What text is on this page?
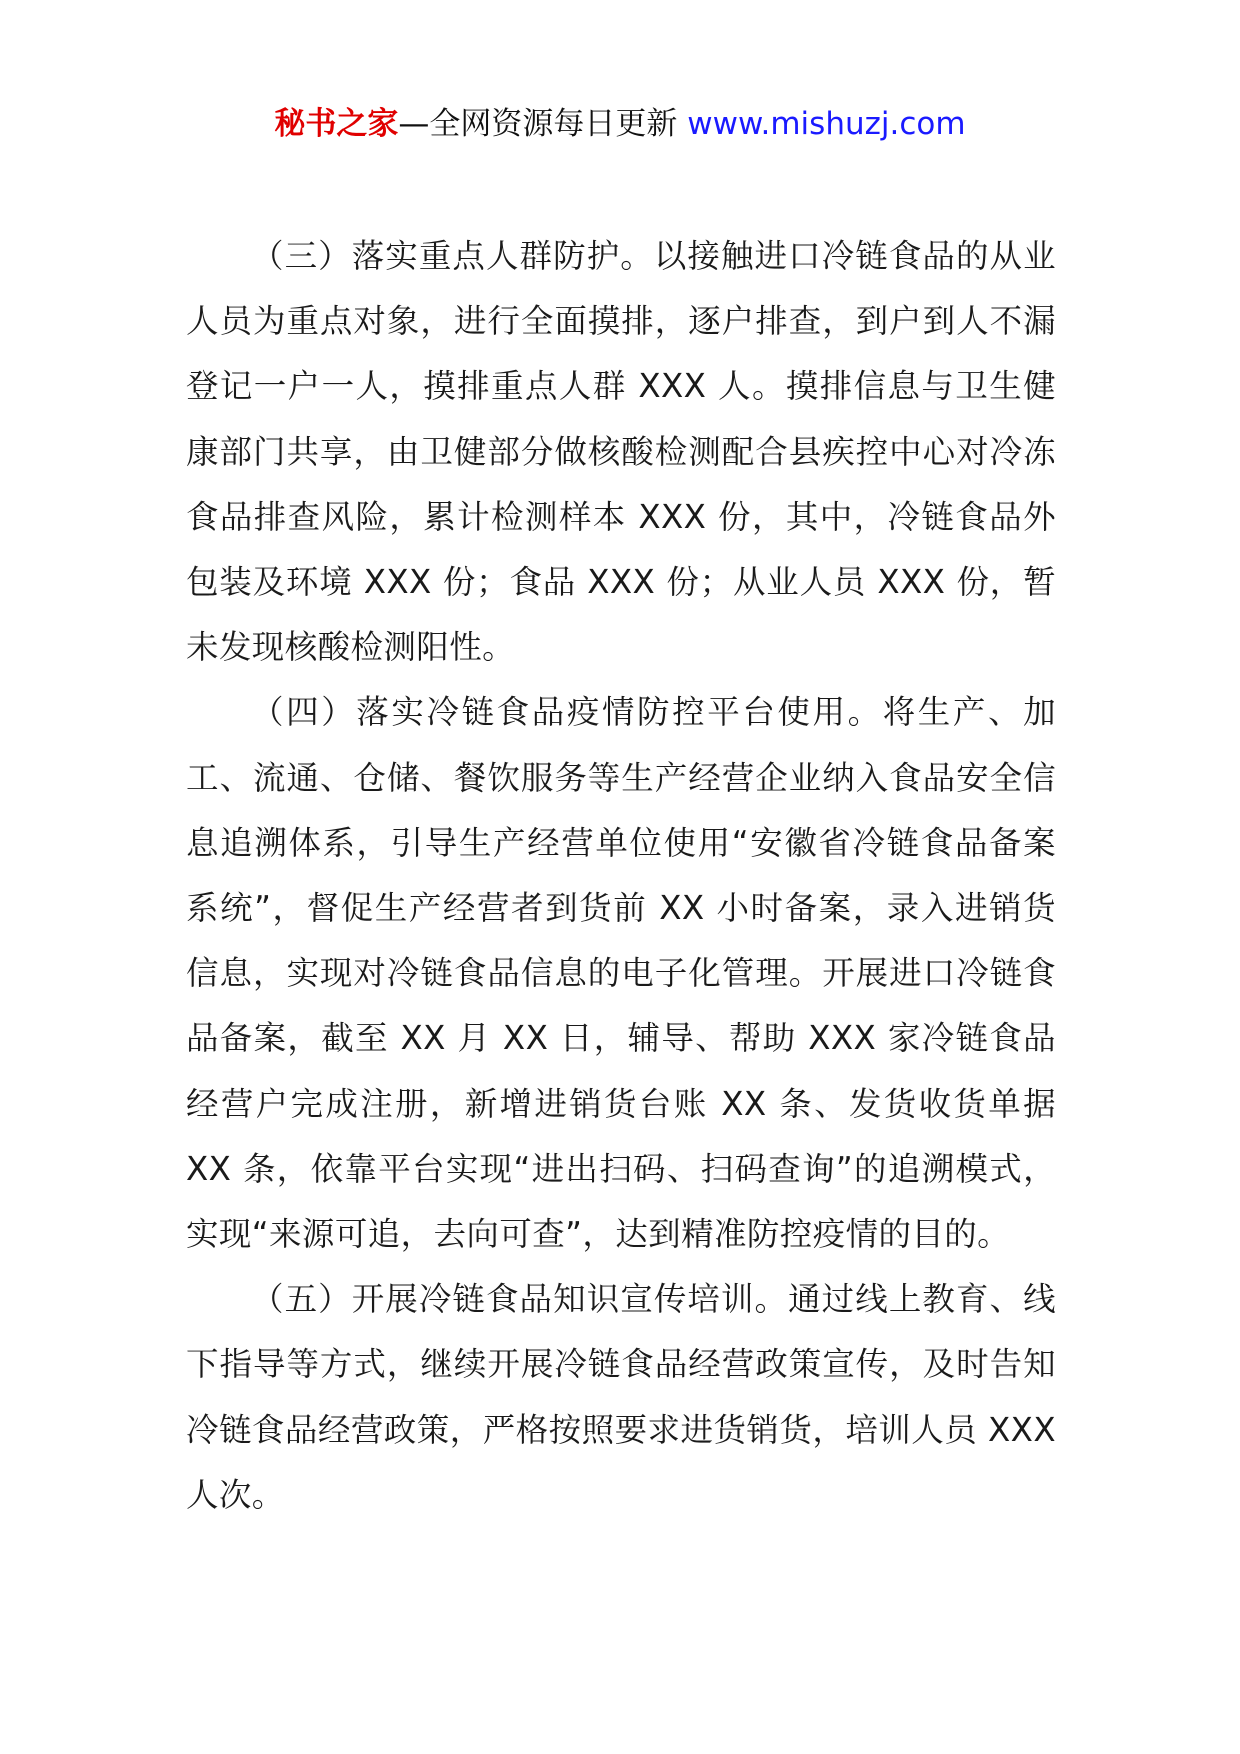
秘书之家—全网资源每日更新 www.mishuzj.com

（三）落实重点人群防护。以接触进口冷链食品的从业人员为重点对象，进行全面摸排，逐户排查，到户到人不漏登记一户一人，摸排重点人群 XXX 人。摸排信息与卫生健康部门共享，由卫健部分做核酸检测配合县疾控中心对冷冻食品排查风险，累计检测样本 XXX 份，其中，冷链食品外包装及环境 XXX 份；食品 XXX 份；从业人员 XXX 份，暂未发现核酸检测阳性。

（四）落实冷链食品疫情防控平台使用。将生产、加工、流通、仓储、餐饮服务等生产经营企业纳入食品安全信息追溯体系，引导生产经营单位使用“安徽省冷链食品备案系统”，督促生产经营者到货前 XX 小时备案，录入进销货信息，实现对冷链食品信息的电子化管理。开展进口冷链食品备案，截至 XX 月 XX 日，辅导、帮助 XXX 家冷链食品经营户完成注册，新增进销货台账 XX 条、发货收货单据 XX 条，依靠平台实现“进出扫码、扫码查询”的追溯模式，实现“来源可追，去向可查”，达到精准防控疫情的目的。

（五）开展冷链食品知识宣传培训。通过线上教育、线下指导等方式，继续开展冷链食品经营政策宣传，及时告知冷链食品经营政策，严格按照要求进货销货，培训人员 XXX 人次。
